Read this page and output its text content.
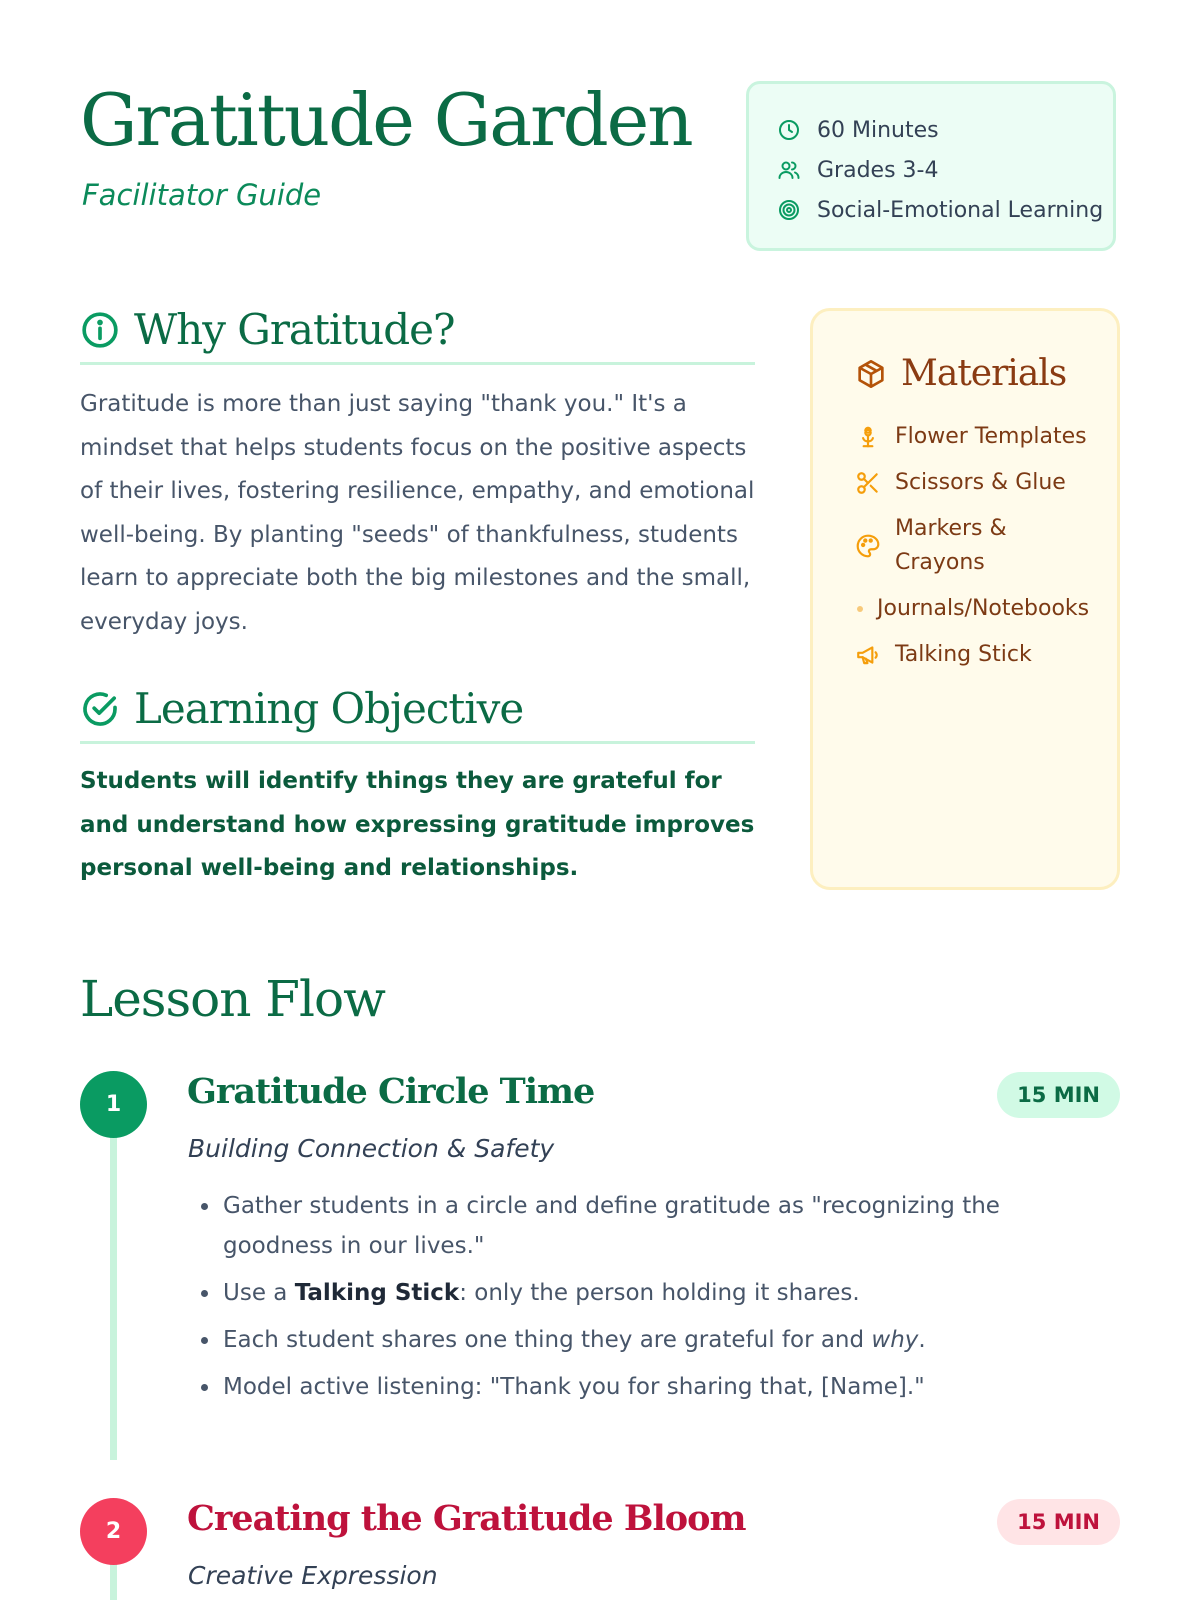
Gratitude Garden
Facilitator Guide
60 Minutes
Grades 3-4
Social-Emotional Learning
Why Gratitude?
Gratitude is more than just saying "thank you." It's a mindset that helps students focus on the positive aspects of their lives, fostering resilience, empathy, and emotional well-being. By planting "seeds" of thankfulness, students learn to appreciate both the big milestones and the small, everyday joys.
Learning Objective
Students will identify things they are grateful for and understand how expressing gratitude improves personal well-being and relationships.
Materials
Flower Templates
Scissors & Glue
Markers & Crayons
Journals/Notebooks
Talking Stick
Lesson Flow
1	Gratitude Circle Time	15 MIN
Building Connection & Safety
• Gather students in a circle and define gratitude as "recognizing the goodness in our lives."
• Use a Talking Stick: only the person holding it shares.
• Each student shares one thing they are grateful for and why.
• Model active listening: "Thank you for sharing that, [Name]."
2	Creating the Gratitude Bloom	15 MIN
Creative Expression
